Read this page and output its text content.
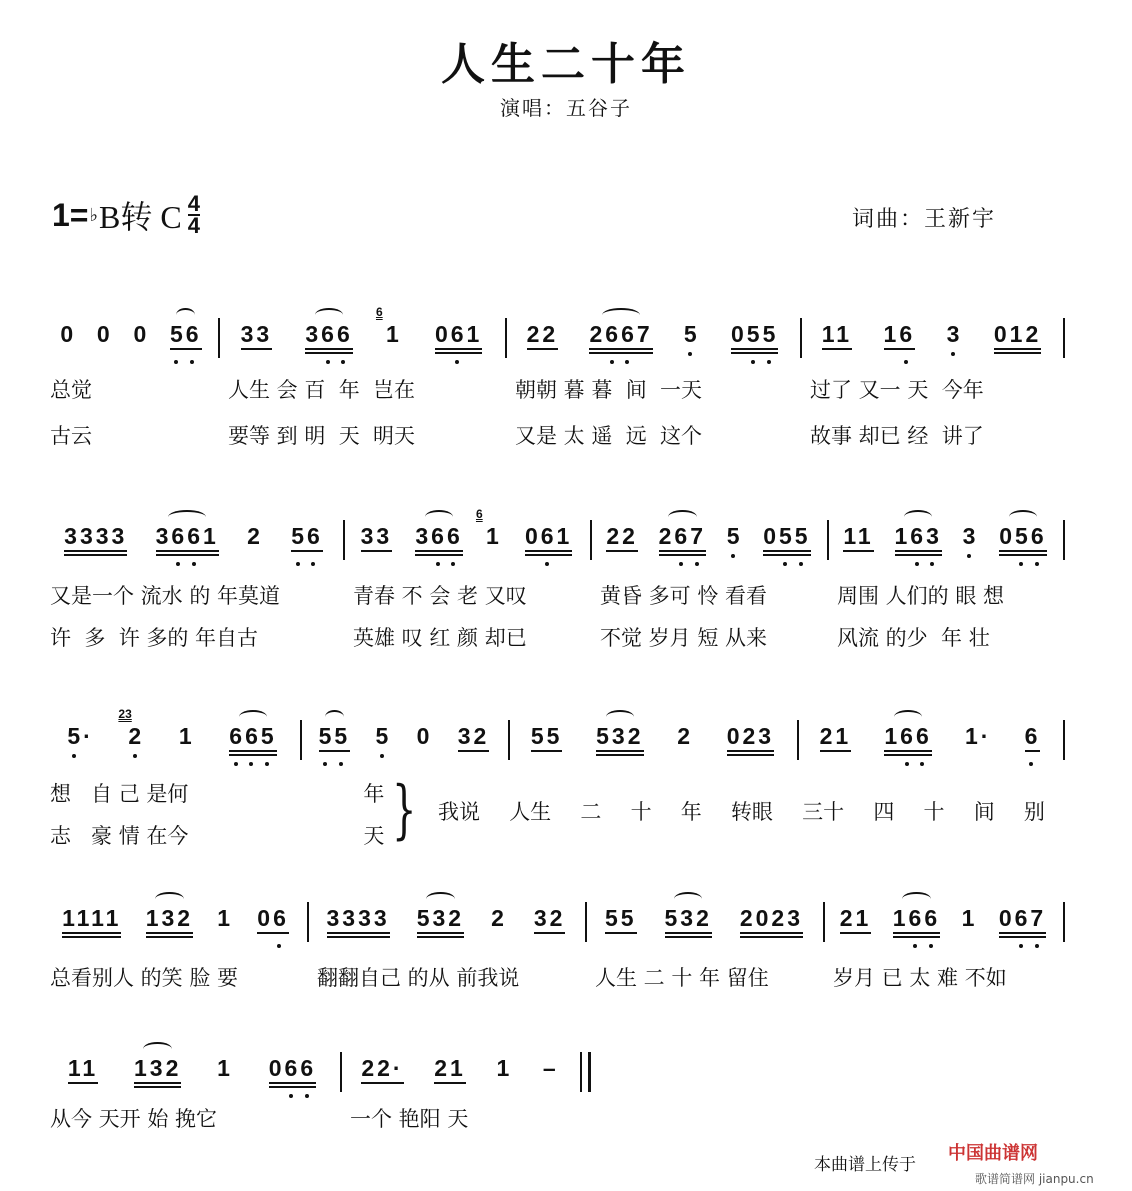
人生二十年
演唱：五谷子
1= ♭ B转 C $\frac{4}{4}$	词曲：王新宇
总觉
古云
人生 会 百  年  岂在
要等 到 明  天  明天
朝朝 暮 暮  间  一天
又是 太 遥  远  这个
过了 又一 天  今年
故事 却已 经  讲了
0 0 0 56 33 366 1
6
061 22 2667 5 055 11 16 3 012
又是一个 流水 的 年莫道
许  多  许 多的 年自古
青春 不 会 老 又叹
英雄 叹 红 颜 却已
黄昏 多可 怜 看看
不觉 岁月 短 从来
周围 人们的 眼 想
风流 的少  年 壮
3333 3661 2 56 33 366 1
6
061 22 267 5 055 11 163 3 056
想   自 己 是何
志   豪 情 在今
年
天
5· 2
23
1 665 55 5 0 32 55 532 2 023 21 166 1· 6
总看别人 的笑 脸 要	翻翻自己 的从 前我说	人生 二 十 年 留住	岁月 已 太 难 不如
1111 132 1 06 3333 532 2 32 55 532 2023 21 166 1 067
从今 天开 始 挽它	一个 艳阳 天
11 132 1 066 22· 21 1 –
} 我说 人生 二 十 年 转眼 三十 四 十 间 别
本曲谱上传于
中国曲谱网
歌谱简谱网 jianpu.cn
